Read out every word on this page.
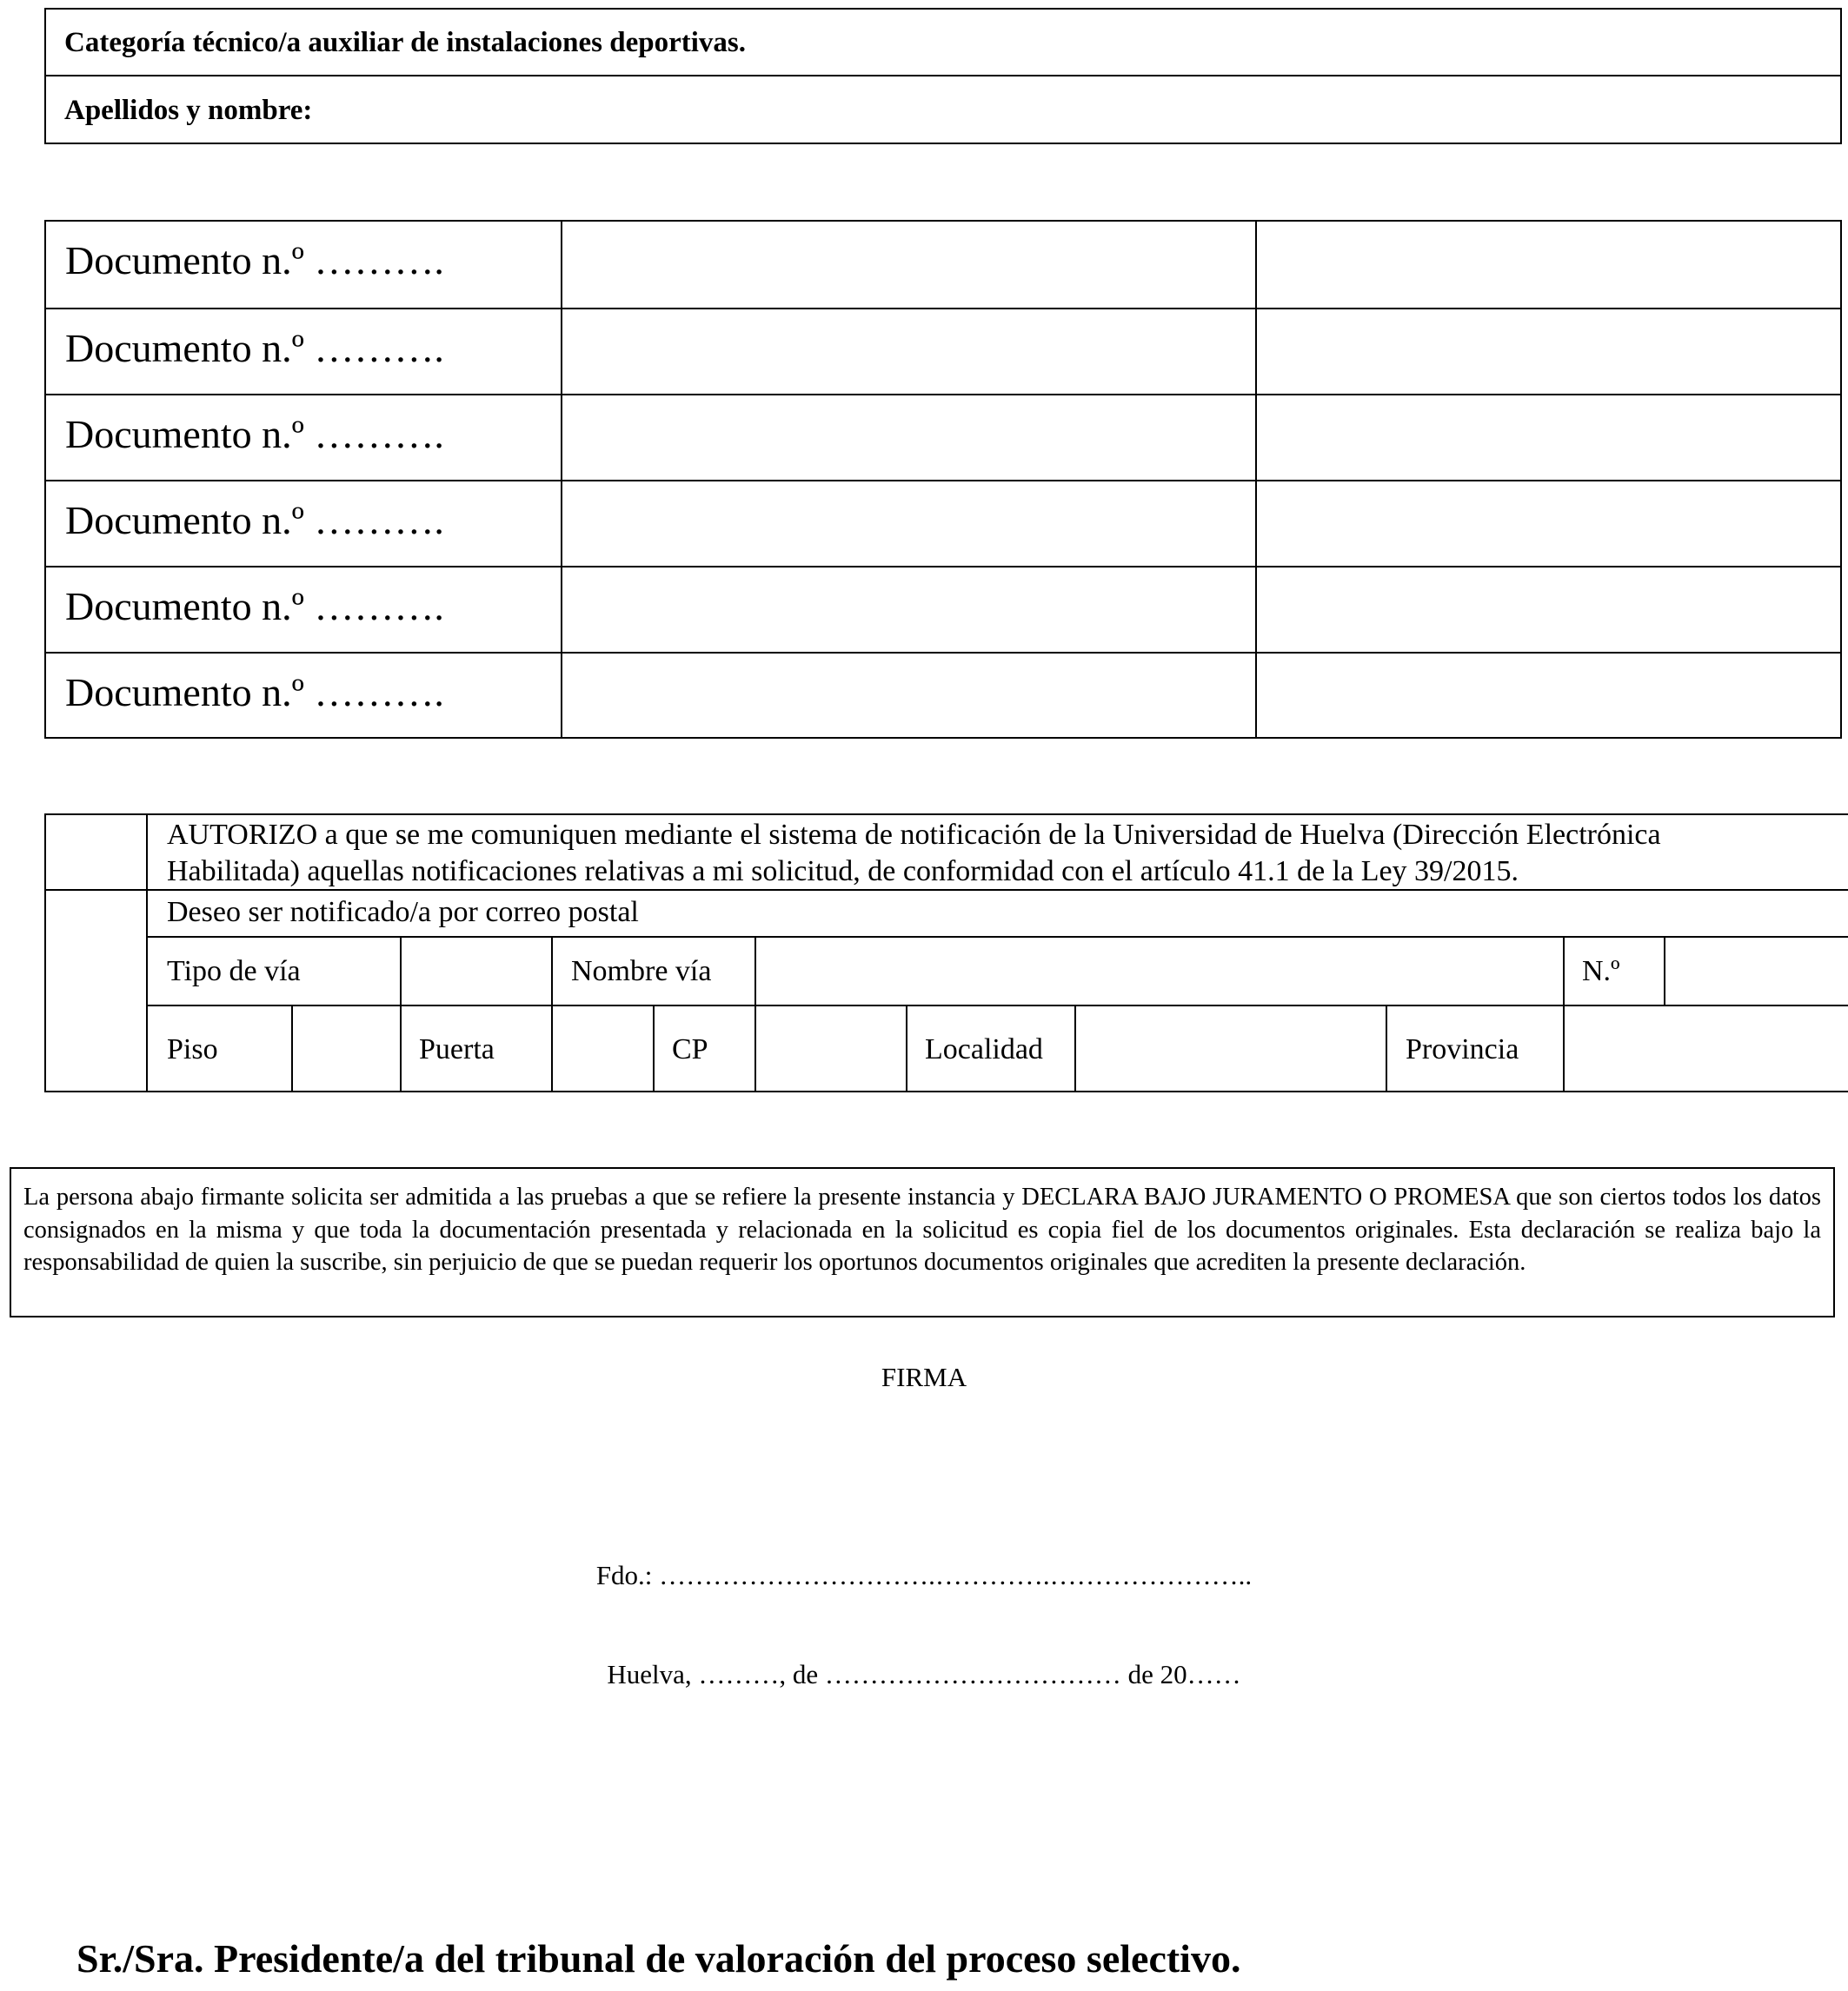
Categoría técnico/a auxiliar de instalaciones deportivas.
Apellidos y nombre:
Documento n.º ……….
Documento n.º ……….
Documento n.º ……….
Documento n.º ……….
Documento n.º ……….
Documento n.º ……….
AUTORIZO a que se me comuniquen mediante el sistema de notificación de la Universidad de Huelva (Dirección Electrónica
Habilitada) aquellas notificaciones relativas a mi solicitud, de conformidad con el artículo 41.1 de la Ley 39/2015.
Deseo ser notificado/a por correo postal
Tipo de vía	Nombre vía	N.º
Piso	Puerta	CP	Localidad	Provincia

La persona abajo firmante solicita ser admitida a las pruebas a que se refiere la presente instancia y DECLARA BAJO JURAMENTO O PROMESA que son ciertos todos los datos consignados en la misma y que toda la documentación presentada y relacionada en la solicitud es copia fiel de los documentos originales. Esta declaración se realiza bajo la responsabilidad de quien la suscribe, sin perjuicio de que se puedan requerir los oportunos documentos originales que acrediten la presente declaración.

FIRMA
Fdo.: ………………………….………….…………………..
Huelva, ………, de …………………………… de 20……
Sr./Sra. Presidente/a del tribunal de valoración del proceso selectivo.
